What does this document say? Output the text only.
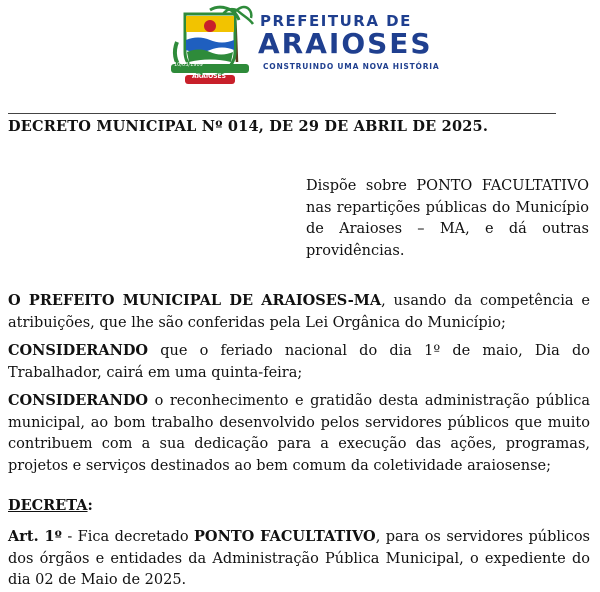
10/03/1909
ARAIOSES
PREFEITURA DE
ARAIOSES
CONSTRUINDO UMA NOVA HISTÓRIA
DECRETO MUNICIPAL Nº 014, DE 29 DE ABRIL DE 2025.
Dispõe sobre PONTO FACULTATIVO nas repartições públicas do Município de Araioses – MA, e dá outras providências.
O PREFEITO MUNICIPAL DE ARAIOSES-MA, usando da competência e atribuições, que lhe são conferidas pela Lei Orgânica do Município;
CONSIDERANDO que o feriado nacional do dia 1º de maio, Dia do Trabalhador, cairá em uma quinta-feira;
CONSIDERANDO o reconhecimento e gratidão desta administração pública municipal, ao bom trabalho desenvolvido pelos servidores públicos que muito contribuem com a sua dedicação para a execução das ações, programas, projetos e serviços destinados ao bem comum da coletividade araiosense;
DECRETA:
Art. 1º - Fica decretado PONTO FACULTATIVO, para os servidores públicos dos órgãos e entidades da Administração Pública Municipal, o expediente do dia 02 de Maio de 2025.
